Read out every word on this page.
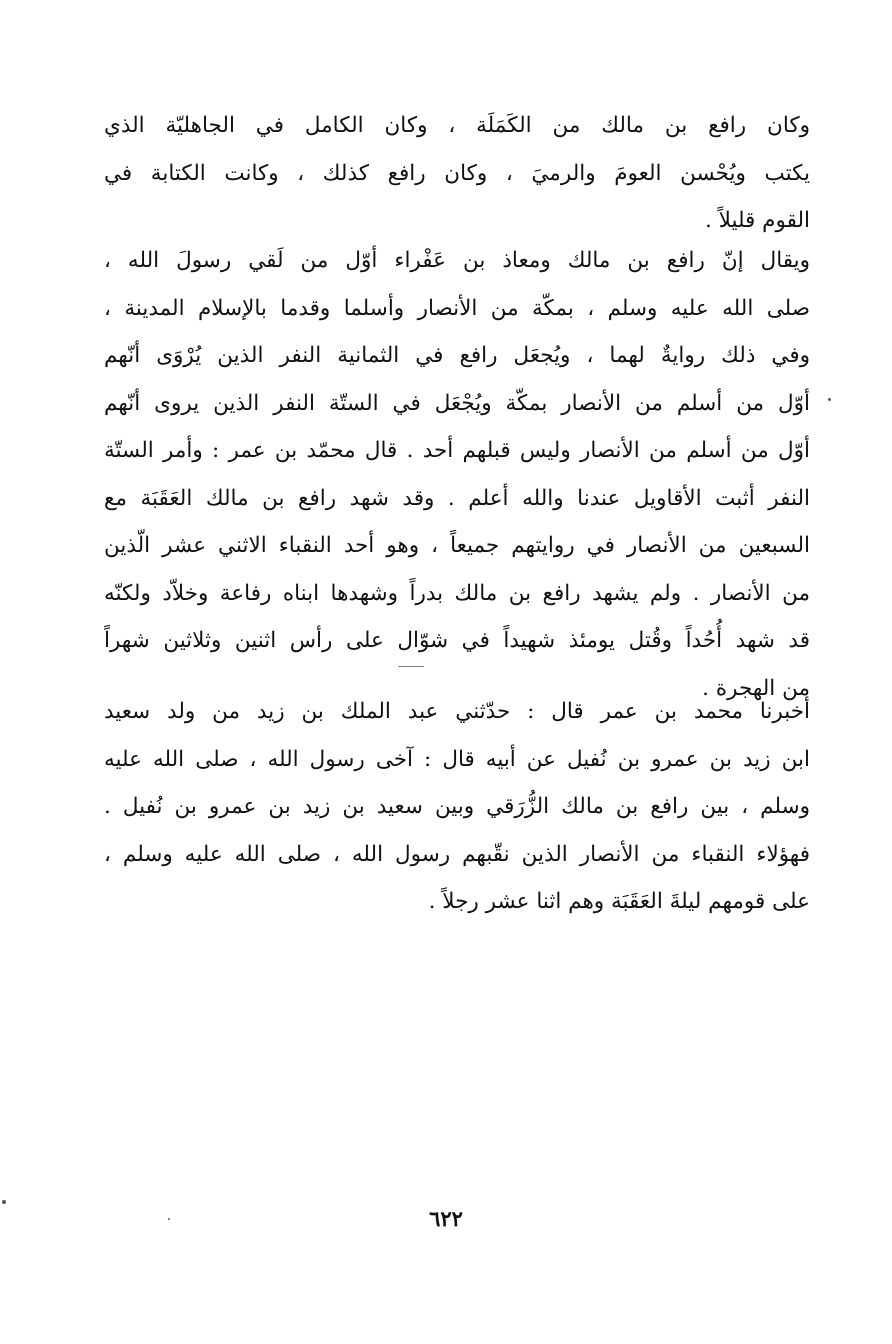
وكان رافع بن مالك من الكَمَلَة ، وكان الكامل في الجاهليّة الذي
يكتب ويُحْسن العومَ والرميَ ، وكان رافع كذلك ، وكانت الكتابة في
القوم قليلاً .
ويقال إنّ رافع بن مالك ومعاذ بن عَفْراء أوّل من لَقي رسولَ الله ،
صلى الله عليه وسلم ، بمكّة من الأنصار وأسلما وقدما بالإسلام المدينة ،
وفي ذلك روايةٌ لهما ، ويُجعَل رافع في الثمانية النفر الذين يُرْوَى أنّهم
أوّل من أسلم من الأنصار بمكّة ويُجْعَل في الستّة النفر الذين يروى أنّهم
أوّل من أسلم من الأنصار وليس قبلهم أحد . قال محمّد بن عمر : وأمر الستّة
النفر أثبت الأقاويل عندنا والله أعلم . وقد شهد رافع بن مالك العَقَبَة مع
السبعين من الأنصار في روايتهم جميعاً ، وهو أحد النقباء الاثني عشر الّذين
من الأنصار . ولم يشهد رافع بن مالك بدراً وشهدها ابناه رفاعة وخلاّد ولكنّه
قد شهد أُحُداً وقُتل يومئذ شهيداً في شوّال على رأس اثنين وثلاثين شهراً
من الهجرة .
أخبرنا محمد بن عمر قال : حدّثني عبد الملك بن زيد من ولد سعيد
ابن زيد بن عمرو بن نُفيل عن أبيه قال : آخى رسول الله ، صلى الله عليه
وسلم ، بين رافع بن مالك الزُّرَقي وبين سعيد بن زيد بن عمرو بن نُفيل .
فهؤلاء النقباء من الأنصار الذين نقّبهم رسول الله ، صلى الله عليه وسلم ،
على قومهم ليلةَ العَقَبَة وهم اثنا عشر رجلاً .
٦٢٢
